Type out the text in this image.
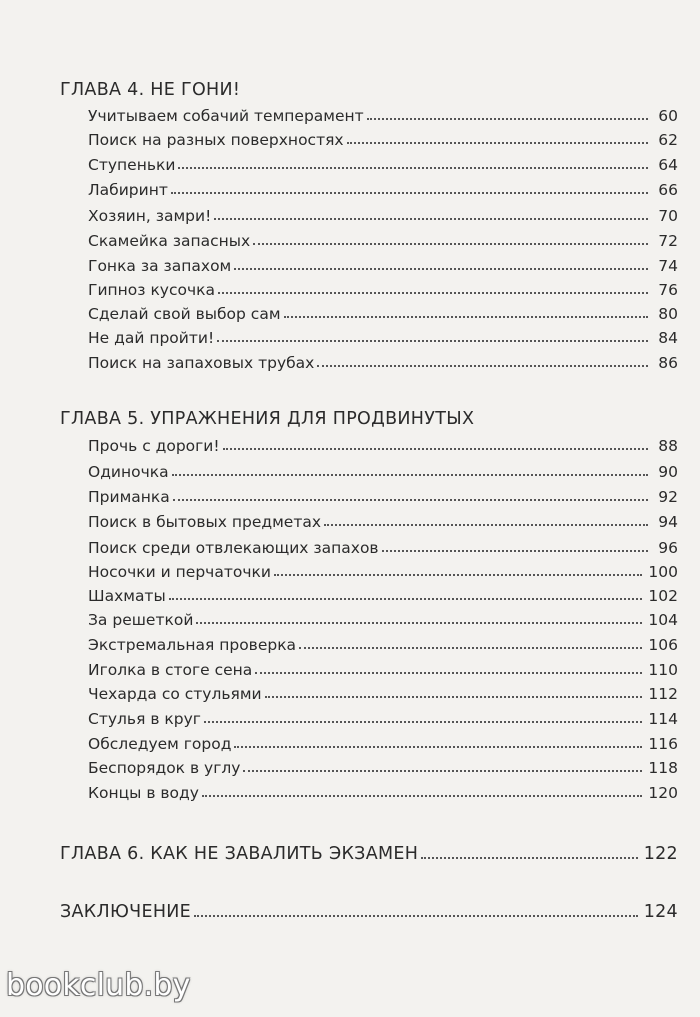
ГЛАВА 4. НЕ ГОНИ!
Учитываем собачий темперамент	60
Поиск на разных поверхностях	62
Ступеньки	64
Лабиринт	66
Хозяин, замри!	70
Скамейка запасных	72
Гонка за запахом	74
Гипноз кусочка	76
Сделай свой выбор сам	80
Не дай пройти!	84
Поиск на запаховых трубах	86
ГЛАВА 5. УПРАЖНЕНИЯ ДЛЯ ПРОДВИНУТЫХ
Прочь с дороги!	88
Одиночка	90
Приманка	92
Поиск в бытовых предметах	94
Поиск среди отвлекающих запахов	96
Носочки и перчаточки	100
Шахматы	102
За решеткой	104
Экстремальная проверка	106
Иголка в стоге сена	110
Чехарда со стульями	112
Стулья в круг	114
Обследуем город	116
Беспорядок в углу	118
Концы в воду	120
ГЛАВА 6. КАК НЕ ЗАВАЛИТЬ ЭКЗАМЕН	122
ЗАКЛЮЧЕНИЕ	124
bookclub.by
